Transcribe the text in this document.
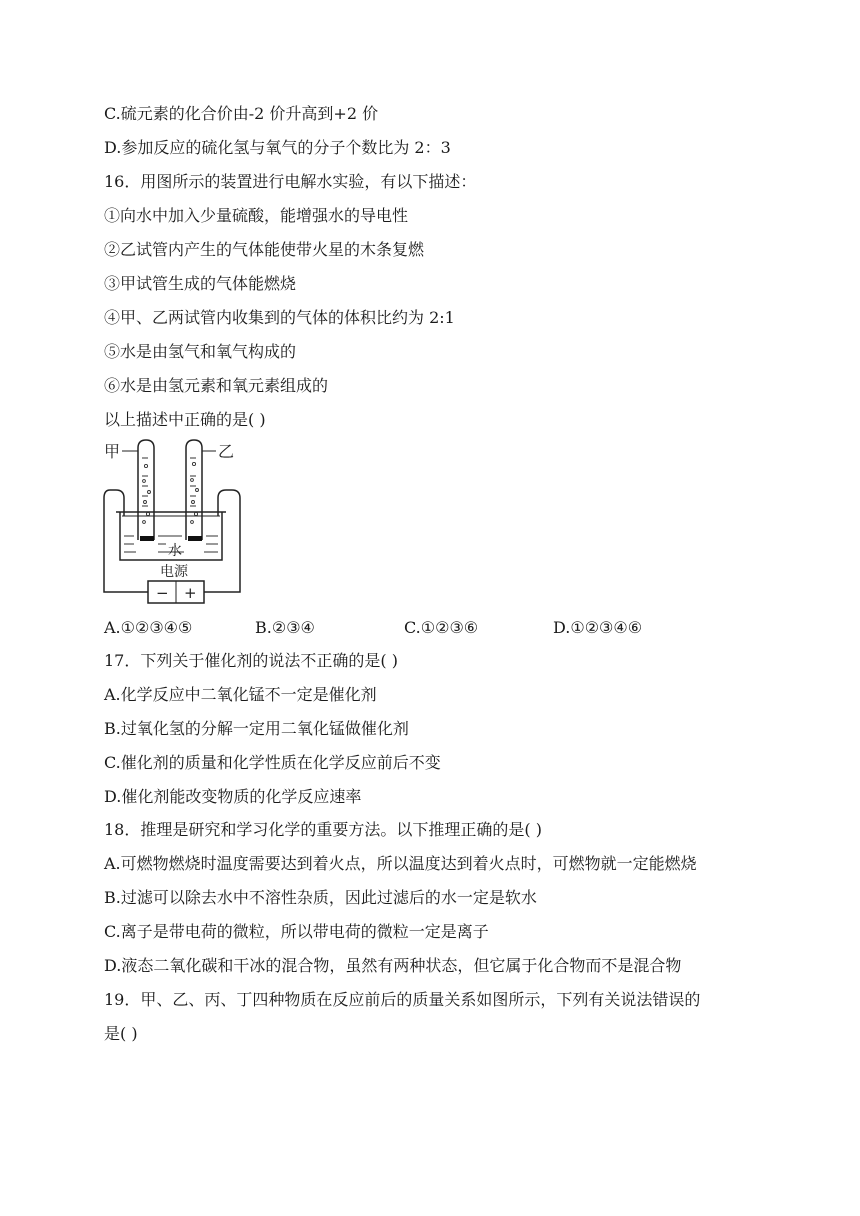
C.硫元素的化合价由-2 价升高到+2 价
D.参加反应的硫化氢与氧气的分子个数比为 2：3
16．用图所示的装置进行电解水实验，有以下描述：
①向水中加入少量硫酸，能增强水的导电性
②乙试管内产生的气体能使带火星的木条复燃
③甲试管生成的气体能燃烧
④甲、乙两试管内收集到的气体的体积比约为 2:1
⑤水是由氢气和氧气构成的
⑥水是由氢元素和氧元素组成的
以上描述中正确的是( )
甲	乙
水
电源
− +
A.①②③④⑤	B.②③④	C.①②③⑥	D.①②③④⑥
17．下列关于催化剂的说法不正确的是( )
A.化学反应中二氧化锰不一定是催化剂
B.过氧化氢的分解一定用二氧化锰做催化剂
C.催化剂的质量和化学性质在化学反应前后不变
D.催化剂能改变物质的化学反应速率
18．推理是研究和学习化学的重要方法。以下推理正确的是( )
A.可燃物燃烧时温度需要达到着火点，所以温度达到着火点时，可燃物就一定能燃烧
B.过滤可以除去水中不溶性杂质，因此过滤后的水一定是软水
C.离子是带电荷的微粒，所以带电荷的微粒一定是离子
D.液态二氧化碳和干冰的混合物，虽然有两种状态，但它属于化合物而不是混合物
19．甲、乙、丙、丁四种物质在反应前后的质量关系如图所示，下列有关说法错误的
是( )
